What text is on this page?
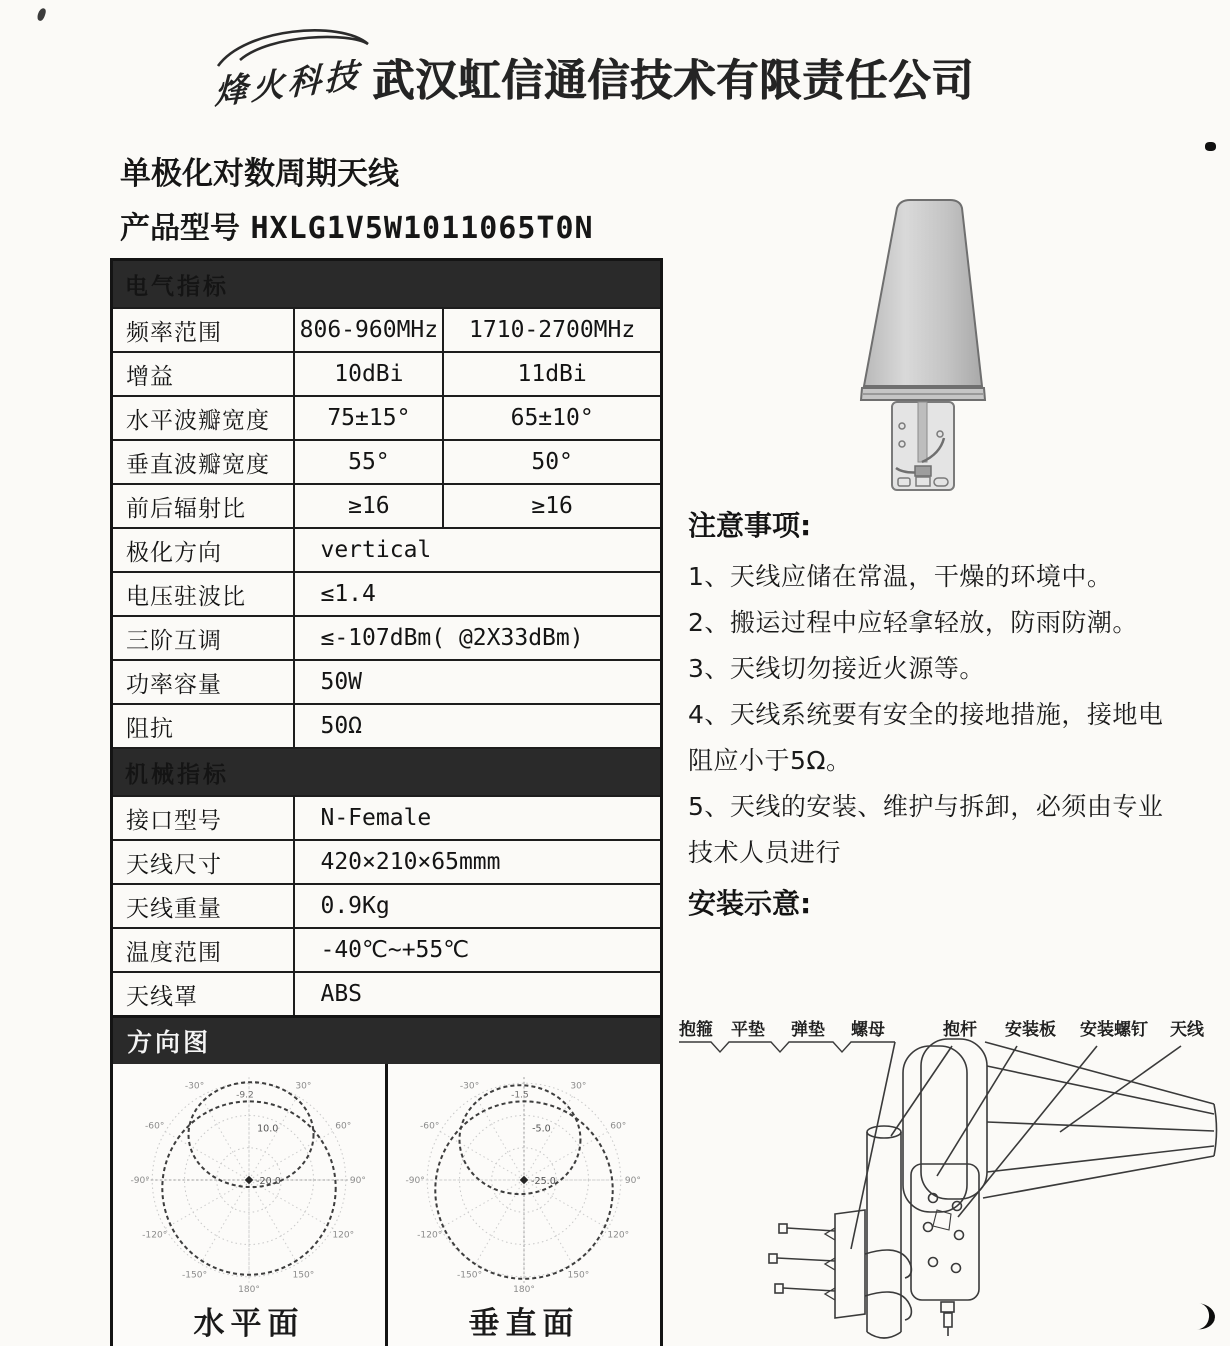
烽火科技 武汉虹信通信技术有限责任公司
单极化对数周期天线
产品型号 HXLG1V5W1011065T0N
电气指标		
频率范围	806-960MHz	1710-2700MHz
增益	10dBi	11dBi
水平波瓣宽度	75±15°	65±10°
垂直波瓣宽度	55°	50°
前后辐射比	≥16	≥16
极化方向	vertical	
电压驻波比	≤1.4	
三阶互调	≤-107dBm( @2X33dBm)	
功率容量	50W	
阻抗	50Ω	
机械指标		
接口型号	N-Female	
天线尺寸	420×210×65mmm	
天线重量	0.9Kg	
温度范围	-40℃~+55℃	
天线罩	ABS	
方向图
-30°
-60°
-90°
-120°
-150°
30°
60°
90°
120°
150°
180°
-9.2
10.0
-20.0
水平面
-30°
-60°
-90°
-120°
-150°
30°
60°
90°
120°
150°
180°
-1.5
-5.0
-25.0
垂直面
注意事项:
1、天线应储在常温，干燥的环境中。
2、搬运过程中应轻拿轻放，防雨防潮。
3、天线切勿接近火源等。
4、天线系统要有安全的接地措施，接地电阻应小于5Ω。
5、天线的安装、维护与拆卸，必须由专业技术人员进行
安装示意:
抱箍 平垫 弹垫 螺母	抱杆 安装板 安装螺钉 天线
